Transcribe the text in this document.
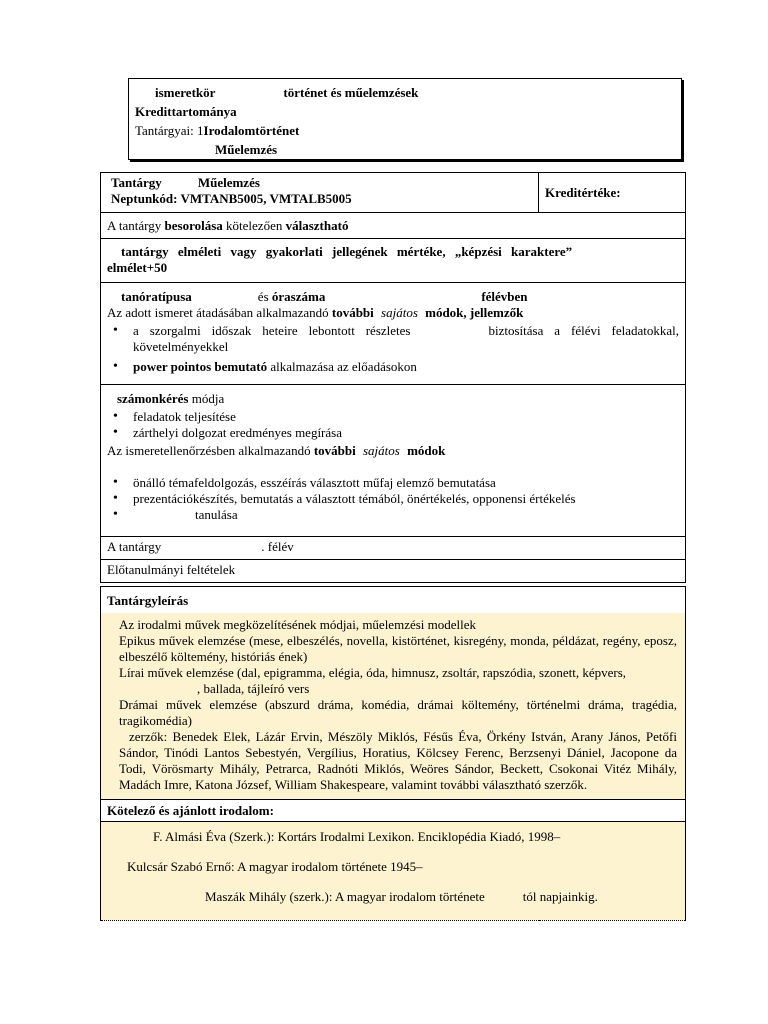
ismeretkör	történet és műelemzések
Kredittartománya
Tantárgyai: 1Irodalomtörténet
Műelemzés
Tantárgy	Műelemzés
Neptunkód: VMTANB5005, VMTALB5005	Kreditértéke:
A tantárgy besorolása kötelezően választható

tantárgy elméleti vagy gyakorlati jellegének mértéke, „képzési karaktere”
elmélet+50

tanóratípusa	és óraszáma	félévben
Az adott ismeret átadásában alkalmazandó további sajátos módok, jellemzők
• a szorgalmi időszak heteire lebontott részletes	biztosítása a félévi feladatokkal, követelményekkel
• power pointos bemutató alkalmazása az előadásokon

számonkérés módja
• feladatok teljesítése
• zárthelyi dolgozat eredményes megírása
Az ismeretellenőrzésben alkalmazandó további sajátos módok
• önálló témafeldolgozás, esszéírás választott műfaj elemző bemutatása
• prezentációkészítés, bemutatás a választott témából, önértékelés, opponensi értékelés
• tanulása

A tantárgy	. félév
Előtanulmányi feltételek

Tantárgyleírás

Az irodalmi művek megközelítésének módjai, műelemzési modellek
Epikus művek elemzése (mese, elbeszélés, novella, kistörténet, kisregény, monda, példázat, regény, eposz, elbeszélő költemény, históriás ének)
Lírai művek elemzése (dal, epigramma, elégia, óda, himnusz, zsoltár, rapszódia, szonett, képvers,
, ballada, tájleíró vers
Drámai művek elemzése (abszurd dráma, komédia, drámai költemény, történelmi dráma, tragédia, tragikomédia)
zerzők: Benedek Elek, Lázár Ervin, Mészöly Miklós, Fésűs Éva, Örkény István, Arany János, Petőfi Sándor, Tinódi Lantos Sebestyén, Vergílius, Horatius, Kölcsey Ferenc, Berzsenyi Dániel, Jacopone da Todi, Vörösmarty Mihály, Petrarca, Radnóti Miklós, Weöres Sándor, Beckett, Csokonai Vitéz Mihály, Madách Imre, Katona József, William Shakespeare, valamint további választható szerzők.

Kötelező és ajánlott irodalom:

F. Almási Éva (Szerk.): Kortárs Irodalmi Lexikon. Enciklopédia Kiadó, 1998–

Kulcsár Szabó Ernő: A magyar irodalom története 1945–

Maszák Mihály (szerk.): A magyar irodalom története	tól napjainkig.
